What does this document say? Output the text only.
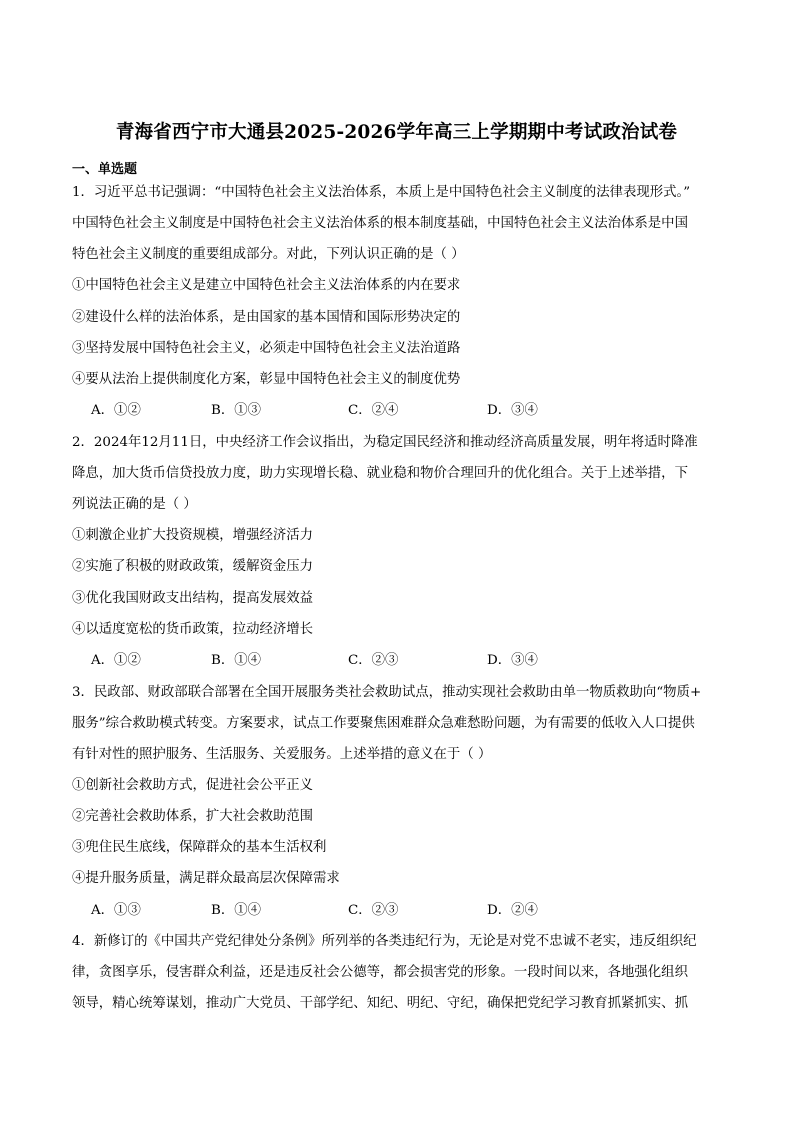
青海省西宁市大通县2025-2026学年高三上学期期中考试政治试卷
一、单选题
1．习近平总书记强调：“中国特色社会主义法治体系，本质上是中国特色社会主义制度的法律表现形式。”
中国特色社会主义制度是中国特色社会主义法治体系的根本制度基础，中国特色社会主义法治体系是中国
特色社会主义制度的重要组成部分。对此，下列认识正确的是（ ）
①中国特色社会主义是建立中国特色社会主义法治体系的内在要求
②建设什么样的法治体系，是由国家的基本国情和国际形势决定的
③坚持发展中国特色社会主义，必须走中国特色社会主义法治道路
④要从法治上提供制度化方案，彰显中国特色社会主义的制度优势
A．①②	B．①③	C．②④	D．③④
2．2024年12月11日，中央经济工作会议指出，为稳定国民经济和推动经济高质量发展，明年将适时降准
降息，加大货币信贷投放力度，助力实现增长稳、就业稳和物价合理回升的优化组合。关于上述举措，下
列说法正确的是（ ）
①刺激企业扩大投资规模，增强经济活力
②实施了积极的财政政策，缓解资金压力
③优化我国财政支出结构，提高发展效益
④以适度宽松的货币政策，拉动经济增长
A．①②	B．①④	C．②③	D．③④
3．民政部、财政部联合部署在全国开展服务类社会救助试点，推动实现社会救助由单一物质救助向“物质+
服务”综合救助模式转变。方案要求，试点工作要聚焦困难群众急难愁盼问题，为有需要的低收入人口提供
有针对性的照护服务、生活服务、关爱服务。上述举措的意义在于（ ）
①创新社会救助方式，促进社会公平正义
②完善社会救助体系，扩大社会救助范围
③兜住民生底线，保障群众的基本生活权利
④提升服务质量，满足群众最高层次保障需求
A．①③	B．①④	C．②③	D．②④
4．新修订的《中国共产党纪律处分条例》所列举的各类违纪行为，无论是对党不忠诚不老实，违反组织纪
律，贪图享乐，侵害群众利益，还是违反社会公德等，都会损害党的形象。一段时间以来，各地强化组织
领导，精心统筹谋划，推动广大党员、干部学纪、知纪、明纪、守纪，确保把党纪学习教育抓紧抓实、抓
